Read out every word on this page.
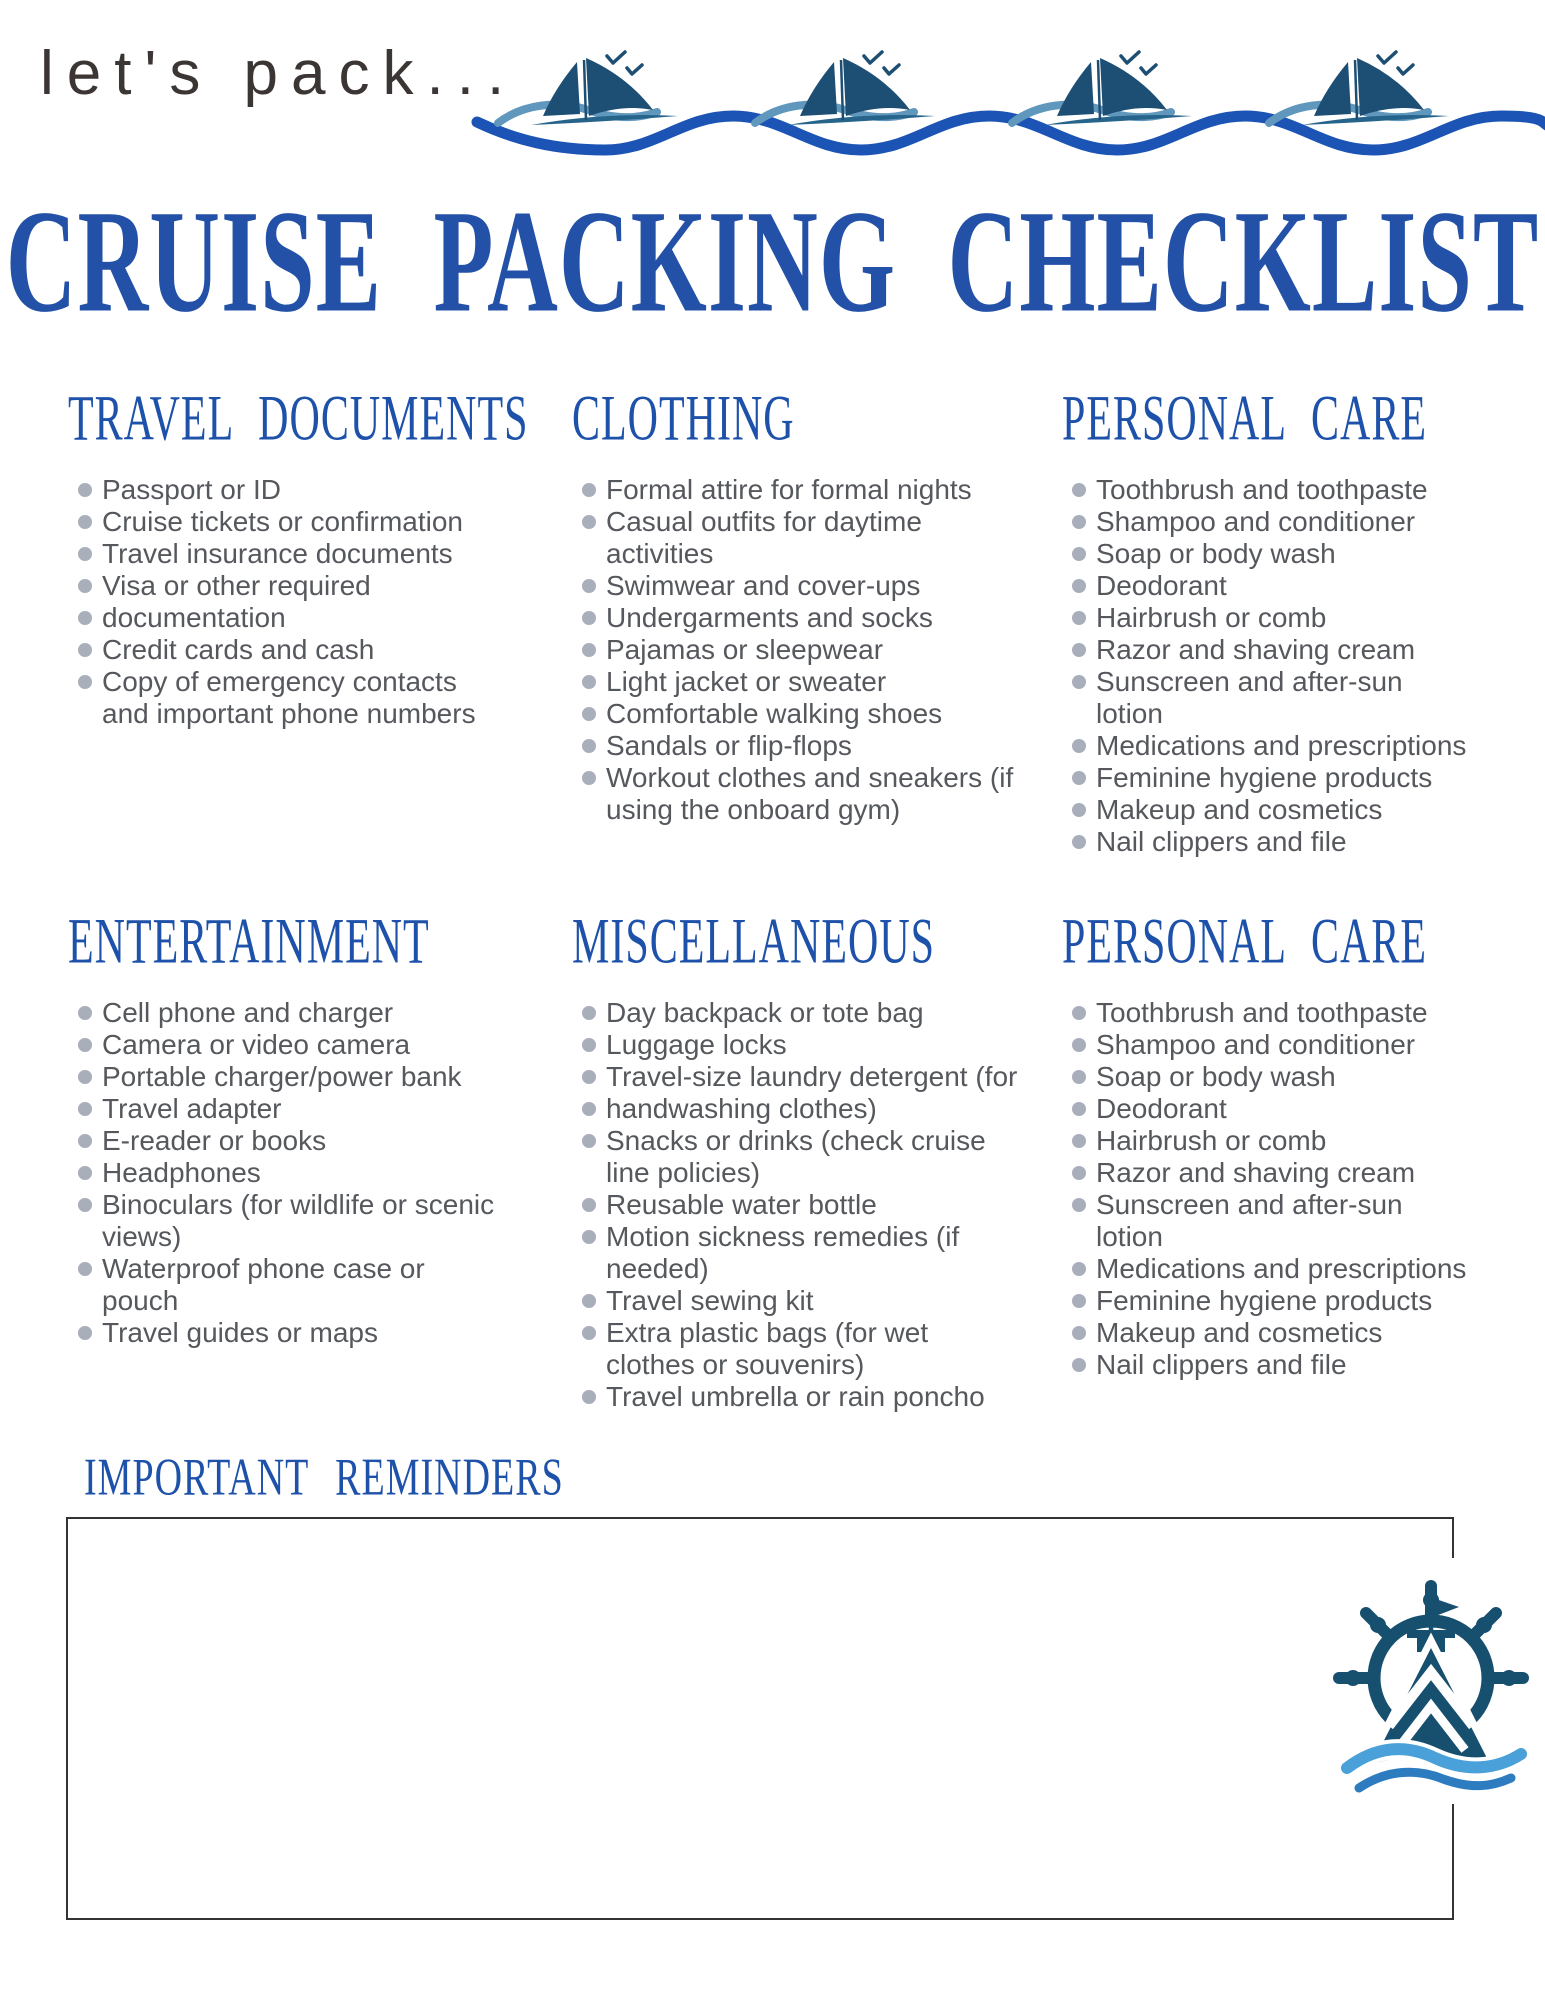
let's pack...
CRUISE PACKING CHECKLIST
TRAVEL DOCUMENTS
Passport or ID
Cruise tickets or confirmation
Travel insurance documents
Visa or other required
documentation
Credit cards and cash
Copy of emergency contacts
and important phone numbers
CLOTHING
Formal attire for formal nights
Casual outfits for daytime
activities
Swimwear and cover-ups
Undergarments and socks
Pajamas or sleepwear
Light jacket or sweater
Comfortable walking shoes
Sandals or flip-flops
Workout clothes and sneakers (if
using the onboard gym)
PERSONAL CARE
Toothbrush and toothpaste
Shampoo and conditioner
Soap or body wash
Deodorant
Hairbrush or comb
Razor and shaving cream
Sunscreen and after-sun
lotion
Medications and prescriptions
Feminine hygiene products
Makeup and cosmetics
Nail clippers and file
ENTERTAINMENT
Cell phone and charger
Camera or video camera
Portable charger/power bank
Travel adapter
E-reader or books
Headphones
Binoculars (for wildlife or scenic
views)
Waterproof phone case or
pouch
Travel guides or maps
MISCELLANEOUS
Day backpack or tote bag
Luggage locks
Travel-size laundry detergent (for
handwashing clothes)
Snacks or drinks (check cruise
line policies)
Reusable water bottle
Motion sickness remedies (if
needed)
Travel sewing kit
Extra plastic bags (for wet
clothes or souvenirs)
Travel umbrella or rain poncho
PERSONAL CARE
Toothbrush and toothpaste
Shampoo and conditioner
Soap or body wash
Deodorant
Hairbrush or comb
Razor and shaving cream
Sunscreen and after-sun
lotion
Medications and prescriptions
Feminine hygiene products
Makeup and cosmetics
Nail clippers and file
IMPORTANT REMINDERS
